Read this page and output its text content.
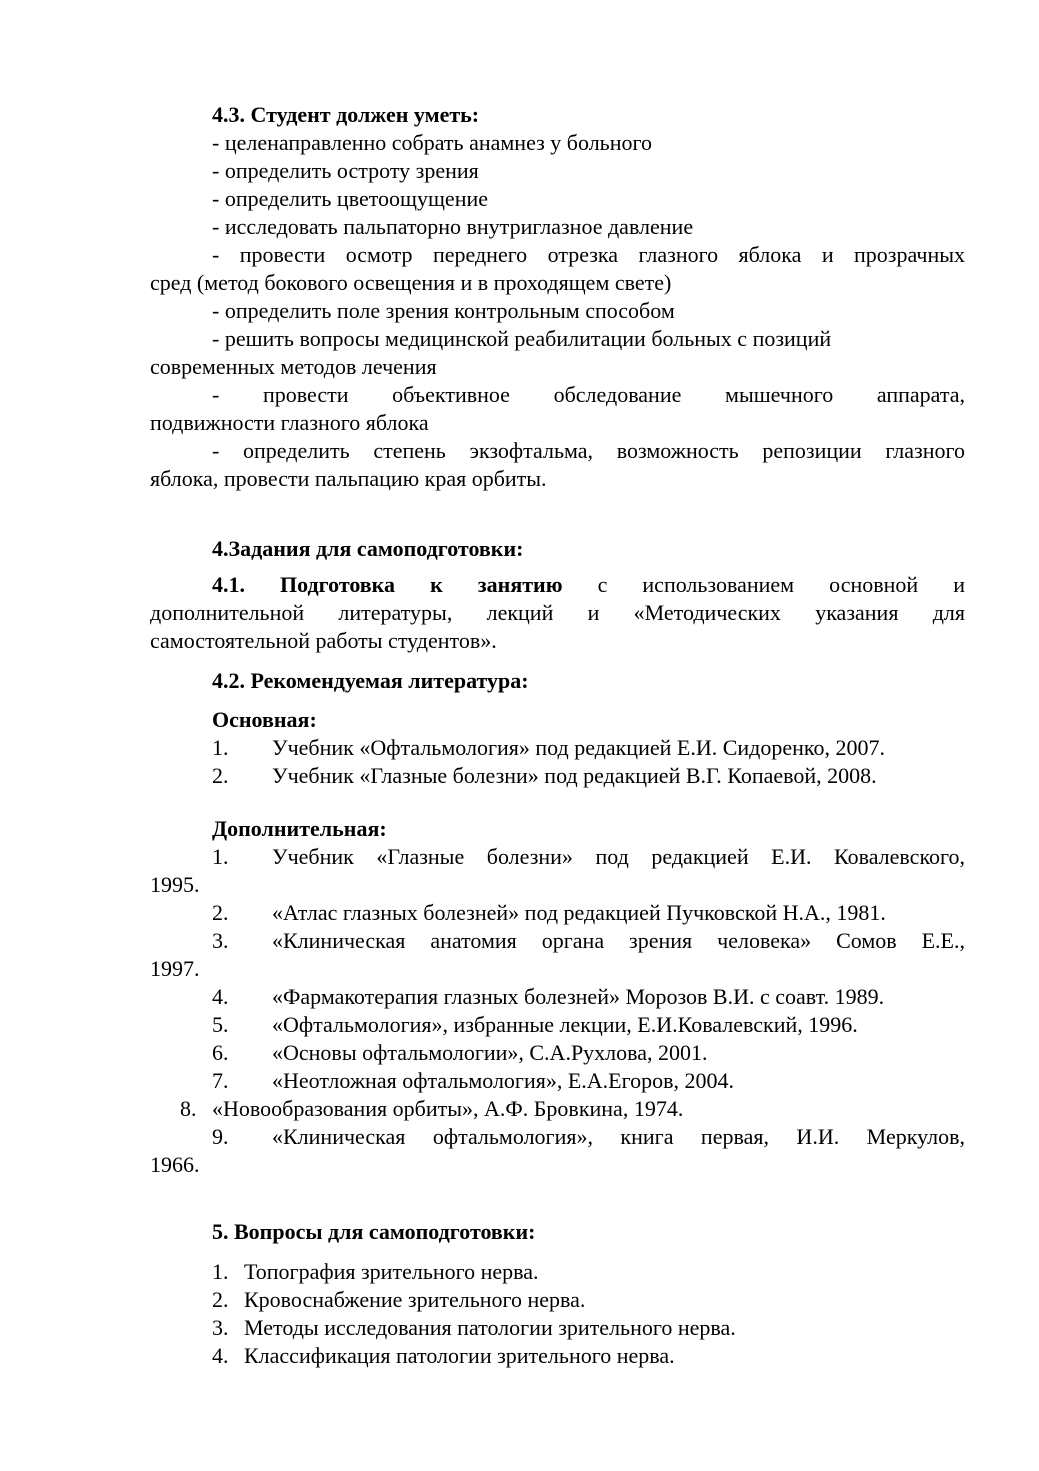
4.3. Студент должен уметь:
- целенаправленно собрать анамнез у больного
- определить остроту зрения
- определить цветоощущение
- исследовать пальпаторно внутриглазное давление
- провести осмотр переднего отрезка глазного яблока и прозрачных
сред (метод бокового освещения и в проходящем свете)
- определить поле зрения контрольным способом
- решить вопросы медицинской реабилитации больных с позиций
современных методов лечения
- провести объективное обследование мышечного аппарата,
подвижности глазного яблока
- определить степень экзофтальма, возможность репозиции глазного
яблока, провести пальпацию края орбиты.
4.Задания для самоподготовки:
4.1. Подготовка к занятию с использованием основной и
дополнительной литературы, лекций и «Методических указания для
самостоятельной работы студентов».
4.2. Рекомендуемая литература:
Основная:
1. Учебник «Офтальмология» под редакцией Е.И. Сидоренко, 2007.
2. Учебник «Глазные болезни» под редакцией В.Г. Копаевой, 2008.
Дополнительная:
1. Учебник «Глазные болезни» под редакцией Е.И. Ковалевского,
1995.
2. «Атлас глазных болезней» под редакцией Пучковской Н.А., 1981.
3. «Клиническая анатомия органа зрения человека» Сомов Е.Е.,
1997.
4. «Фармакотерапия глазных болезней» Морозов В.И. с соавт. 1989.
5. «Офтальмология», избранные лекции, Е.И.Ковалевский, 1996.
6. «Основы офтальмологии», С.А.Рухлова, 2001.
7. «Неотложная офтальмология», Е.А.Егоров, 2004.
8. «Новообразования орбиты», А.Ф. Бровкина, 1974.
9. «Клиническая офтальмология», книга первая, И.И. Меркулов,
1966.
5. Вопросы для самоподготовки:
1. Топография зрительного нерва.
2. Кровоснабжение зрительного нерва.
3. Методы исследования патологии зрительного нерва.
4. Классификация патологии зрительного нерва.
